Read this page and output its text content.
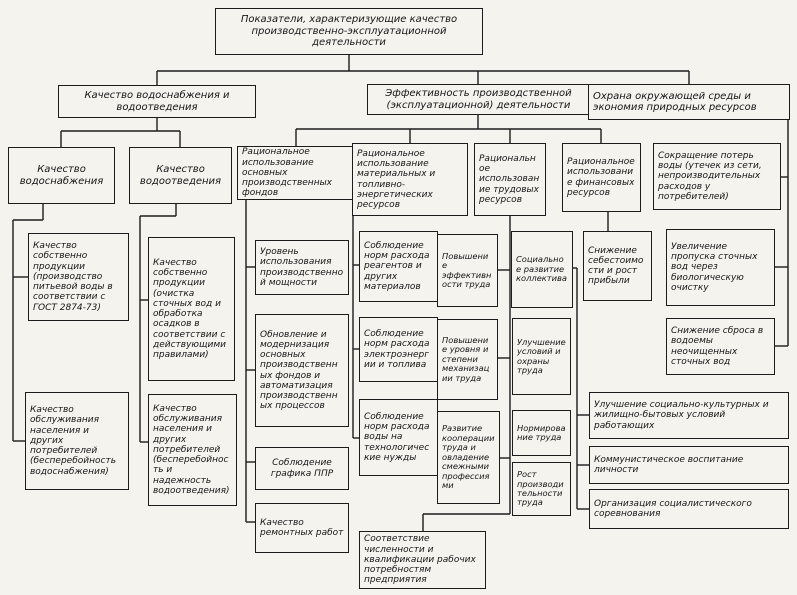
Показатели, характеризующие качество производственно-эксплуатационной деятельности
Качество водоснабжения и водоотведения
Эффективность производственной (эксплуатационной) деятельности
Охрана окружающей среды и экономия природных ресурсов
Качество водоснабжения
Качество водоотведения
Рациональное использование основных производственных фондов
Рациональное использование материальных и топливно-энергетических ресурсов
Рациональное использование трудовых ресурсов
Рациональное использование финансовых ресурсов
Сокращение потерь воды (утечек из сети, непроизводительных расходов у потребителей)
Качество собственно продукции (производство питьевой воды в соответствии с ГОСТ 2874-73)
Качество обслуживания населения и других потребителей (бесперебойность водоснабжения)
Качество собственно продукции (очистка сточных вод и обработка осадков в соответствии с действующими правилами)
Качество обслуживания населения и других потребителей (бесперебойность и надежность водоотведения)
Уровень использования производственной мощности
Обновление и модернизация основных производственных фондов и автоматизация производственных процессов
Соблюдение графика ППР
Качество ремонтных работ
Соблюдение норм расхода реагентов и других материалов
Соблюдение норм расхода электроэнергии и топлива
Соблюдение норм расхода воды на технологические нужды
Соответствие численности и квалификации рабочих потребностям предприятия
Повышение эффективности труда
Повышение уровня и степени механизации труда
Развитие кооперации труда и овладение смежными профессиями
Социальное развитие коллектива
Улучшение условий и охраны труда
Нормирование труда
Рост производительности труда
Снижение себестоимости и рост прибыли
Увеличение пропуска сточных вод через биологическую очистку
Снижение сброса в водоемы неочищенных сточных вод
Улучшение социально-культурных и жилищно-бытовых условий работающих
Коммунистическое воспитание личности
Организация социалистического соревнования
